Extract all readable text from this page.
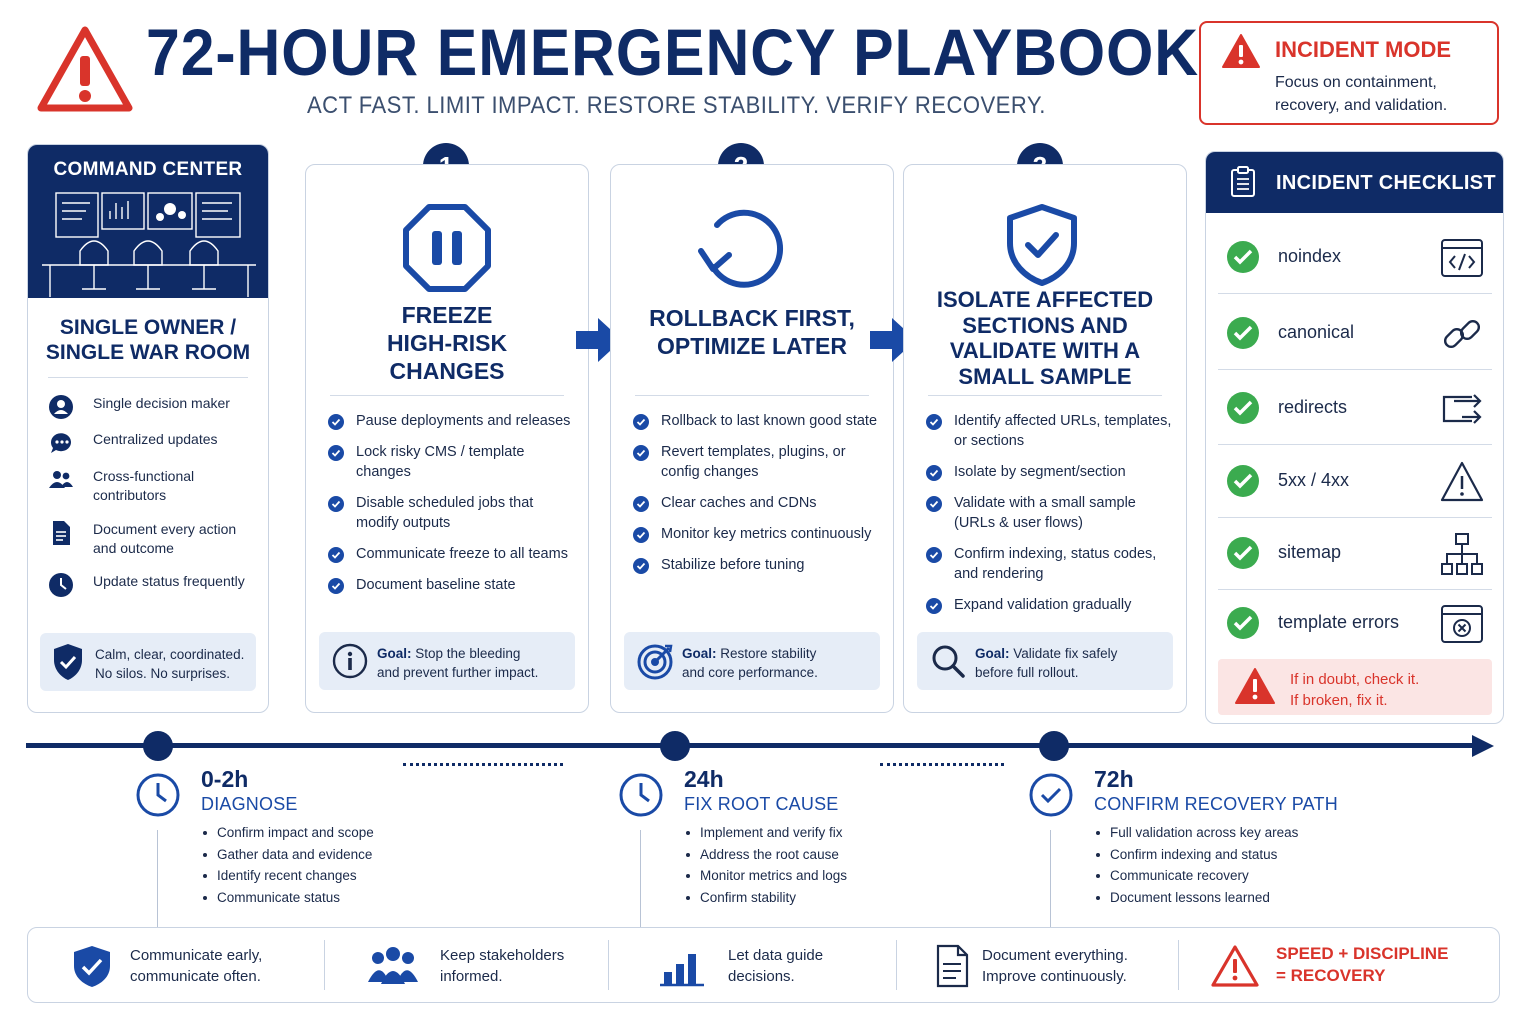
72-HOUR EMERGENCY PLAYBOOK
ACT FAST. LIMIT IMPACT. RESTORE STABILITY. VERIFY RECOVERY.
INCIDENT MODE
Focus on containment,
recovery, and validation.
COMMAND CENTER
SINGLE OWNER /
SINGLE WAR ROOM
Single decision maker
Centralized updates
Cross-functional contributors
Document every action and outcome
Update status frequently
Calm, clear, coordinated.
No silos. No surprises.
FREEZE
HIGH-RISK
CHANGES
Pause deployments and releases
Lock risky CMS / template changes
Disable scheduled jobs that modify outputs
Communicate freeze to all teams
Document baseline state
Goal: Stop the bleeding
and prevent further impact.
ROLLBACK FIRST,
OPTIMIZE LATER
Rollback to last known good state
Revert templates, plugins, or config changes
Clear caches and CDNs
Monitor key metrics continuously
Stabilize before tuning
Goal: Restore stability
and core performance.
ISOLATE AFFECTED
SECTIONS AND
VALIDATE WITH A
SMALL SAMPLE
Identify affected URLs, templates, or sections
Isolate by segment/section
Validate with a small sample (URLs & user flows)
Confirm indexing, status codes, and rendering
Expand validation gradually
Goal: Validate fix safely
before full rollout.
INCIDENT CHECKLIST
noindex
canonical
redirects
5xx / 4xx
sitemap
template errors
If in doubt, check it.
If broken, fix it.
0-2h
DIAGNOSE
Confirm impact and scope
Gather data and evidence
Identify recent changes
Communicate status
24h
FIX ROOT CAUSE
Implement and verify fix
Address the root cause
Monitor metrics and logs
Confirm stability
72h
CONFIRM RECOVERY PATH
Full validation across key areas
Confirm indexing and status
Communicate recovery
Document lessons learned
Communicate early,
communicate often.
Keep stakeholders
informed.
Let data guide
decisions.
Document everything.
Improve continuously.
SPEED + DISCIPLINE
= RECOVERY
